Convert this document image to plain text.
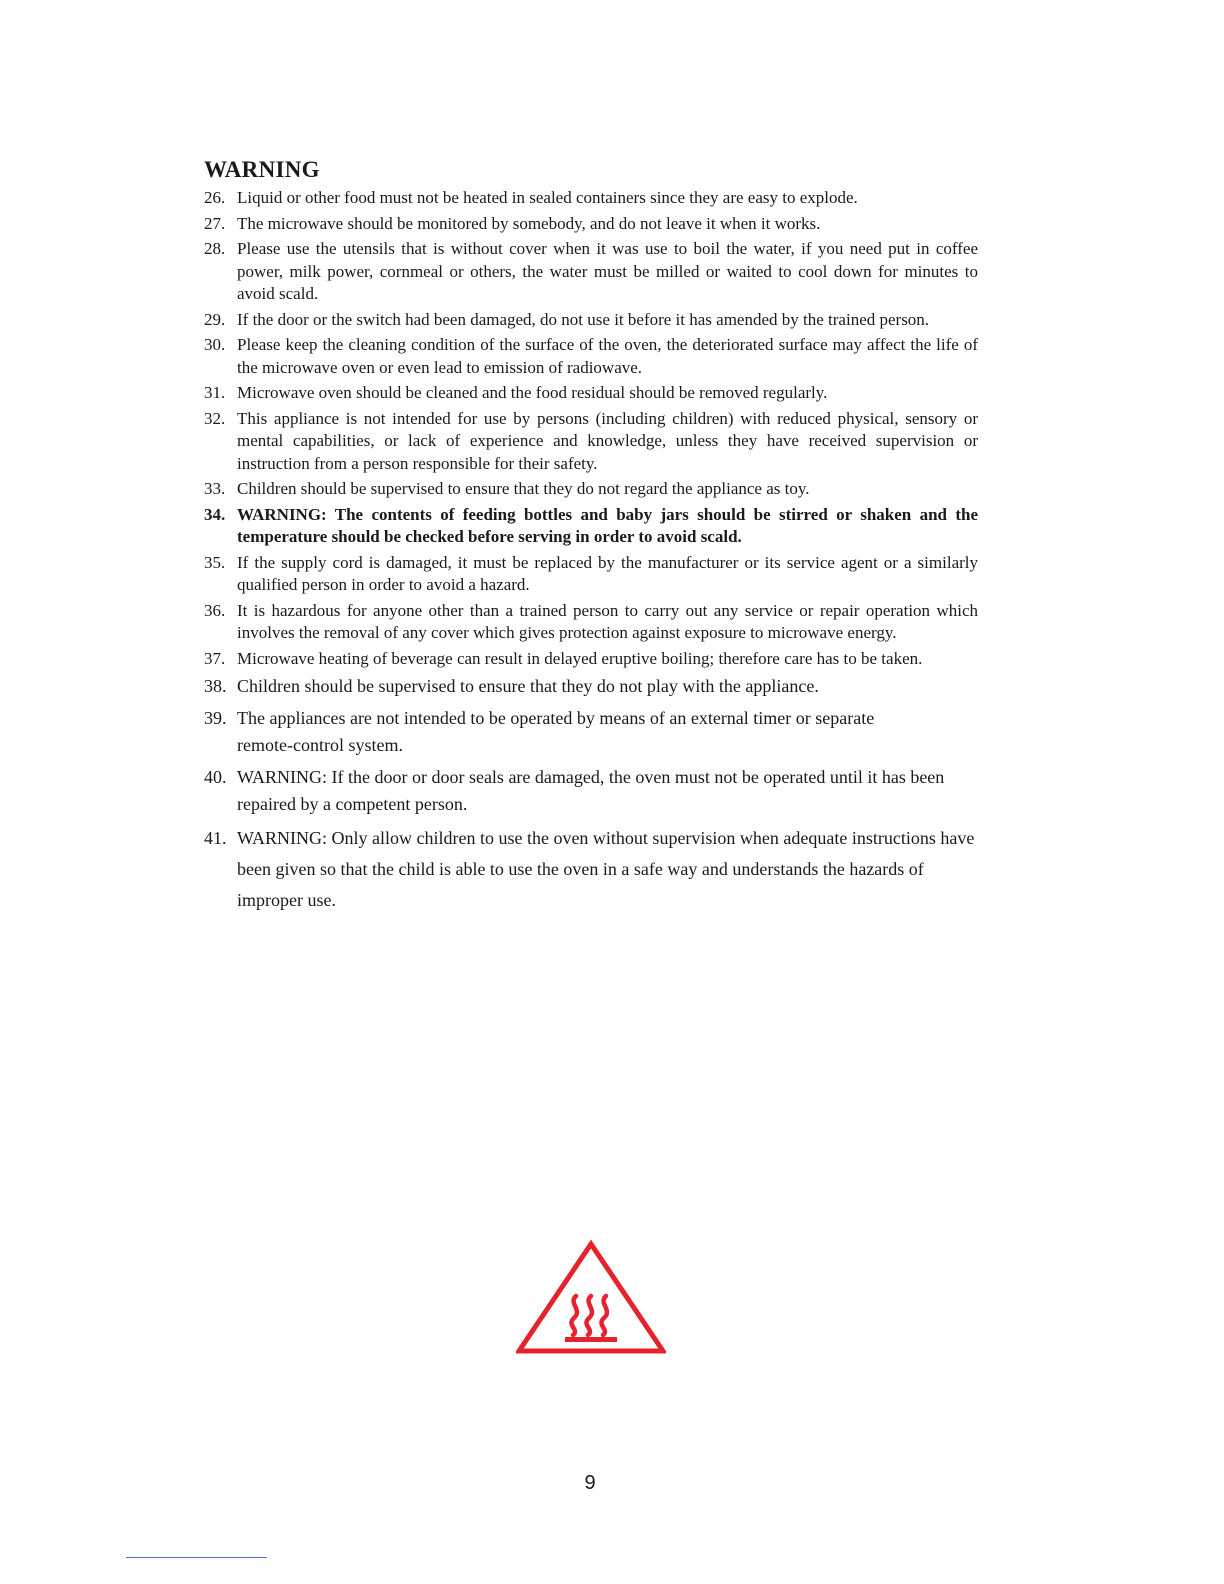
WARNING
26. Liquid or other food must not be heated in sealed containers since they are easy to explode.
27. The microwave should be monitored by somebody, and do not leave it when it works.
28. Please use the utensils that is without cover when it was use to boil the water, if you need put in coffee power, milk power, cornmeal or others, the water must be milled or waited to cool down for minutes to avoid scald.
29. If the door or the switch had been damaged, do not use it before it has amended by the trained person.
30. Please keep the cleaning condition of the surface of the oven, the deteriorated surface may affect the life of the microwave oven or even lead to emission of radiowave.
31. Microwave oven should be cleaned and the food residual should be removed regularly.
32. This appliance is not intended for use by persons (including children) with reduced physical, sensory or mental capabilities, or lack of experience and knowledge, unless they have received supervision or instruction from a person responsible for their safety.
33. Children should be supervised to ensure that they do not regard the appliance as toy.
34. WARNING: The contents of feeding bottles and baby jars should be stirred or shaken and the temperature should be checked before serving in order to avoid scald.
35. If the supply cord is damaged, it must be replaced by the manufacturer or its service agent or a similarly qualified person in order to avoid a hazard.
36. It is hazardous for anyone other than a trained person to carry out any service or repair operation which involves the removal of any cover which gives protection against exposure to microwave energy.
37. Microwave heating of beverage can result in delayed eruptive boiling; therefore care has to be taken.
38. Children should be supervised to ensure that they do not play with the appliance.
39. The appliances are not intended to be operated by means of an external timer or separate remote-control system.
40. WARNING: If the door or door seals are damaged, the oven must not be operated until it has been repaired by a competent person.
41. WARNING: Only allow children to use the oven without supervision when adequate instructions have been given so that the child is able to use the oven in a safe way and understands the hazards of improper use.
9
